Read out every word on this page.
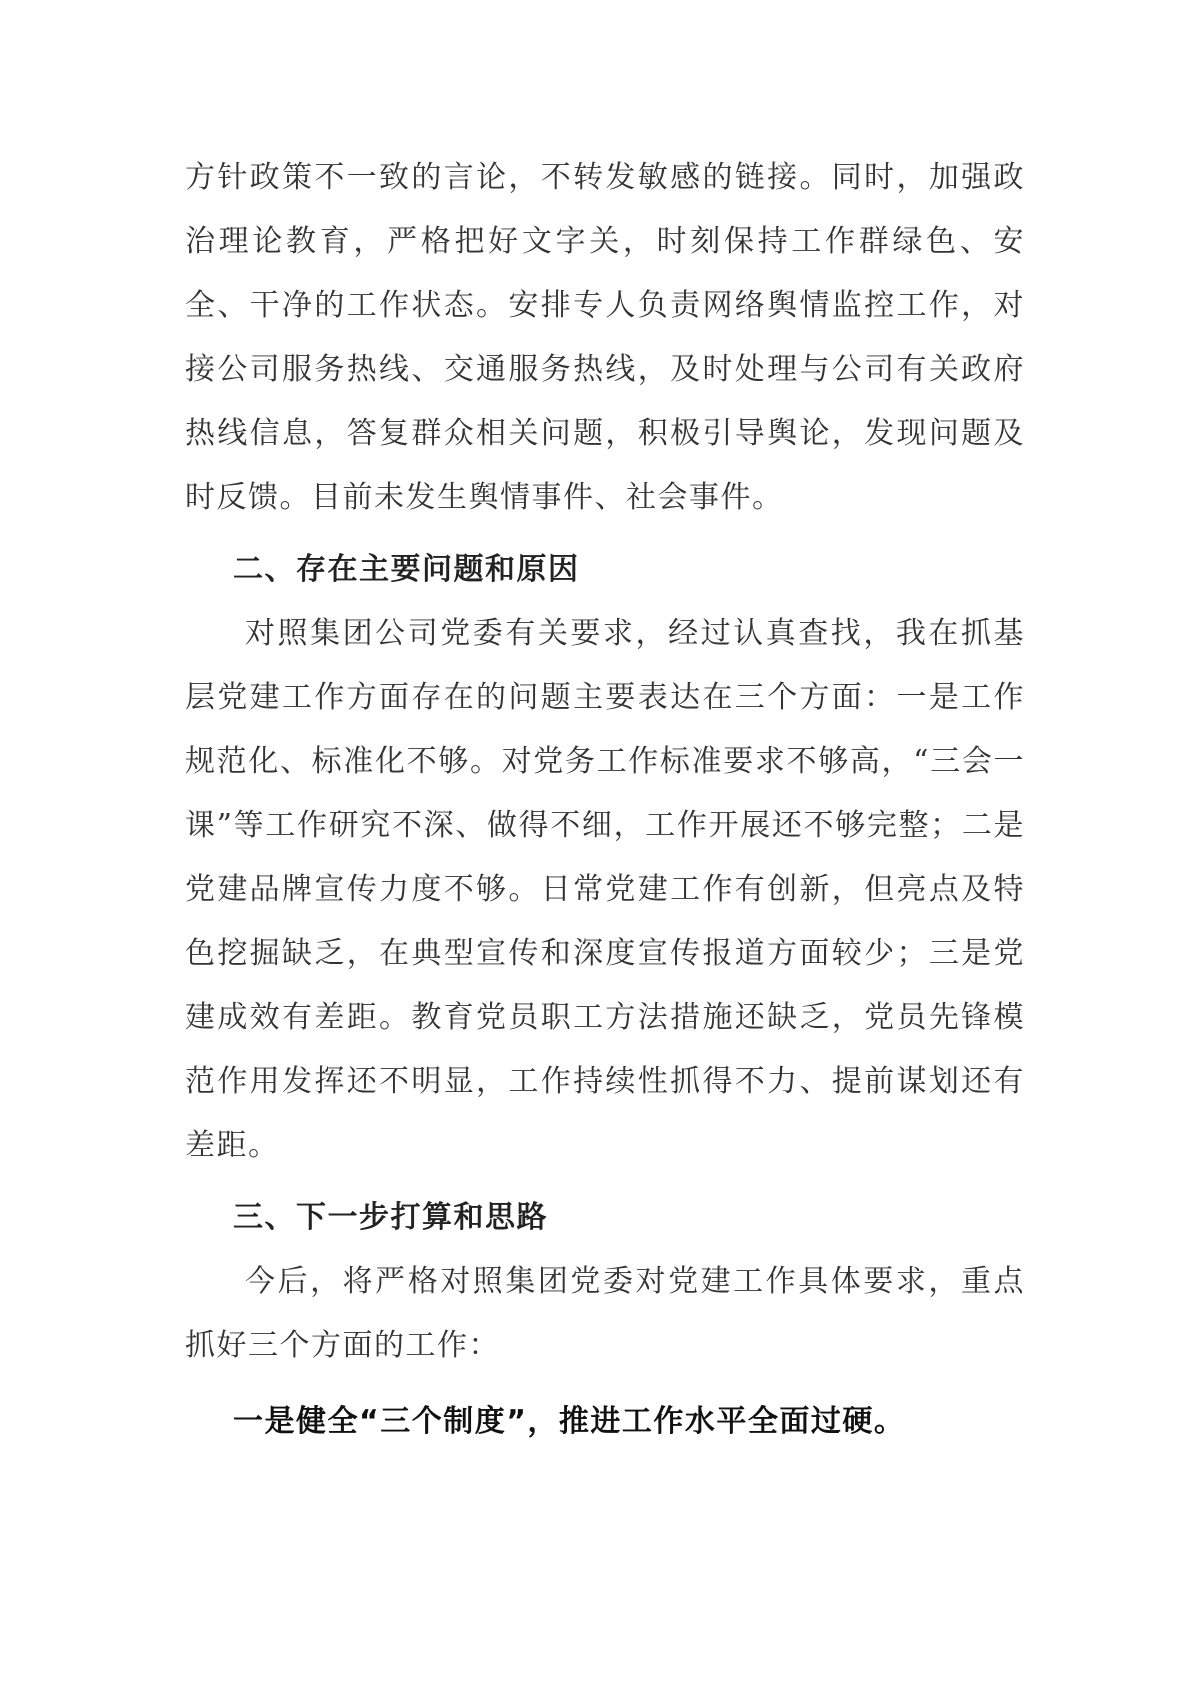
方针政策不一致的言论，不转发敏感的链接。同时，加强政治理论教育，严格把好文字关，时刻保持工作群绿色、安全、干净的工作状态。安排专人负责网络舆情监控工作，对接公司服务热线、交通服务热线，及时处理与公司有关政府热线信息，答复群众相关问题，积极引导舆论，发现问题及时反馈。目前未发生舆情事件、社会事件。

二、存在主要问题和原因

对照集团公司党委有关要求，经过认真查找，我在抓基层党建工作方面存在的问题主要表达在三个方面：一是工作规范化、标准化不够。对党务工作标准要求不够高，“三会一课”等工作研究不深、做得不细，工作开展还不够完整；二是党建品牌宣传力度不够。日常党建工作有创新，但亮点及特色挖掘缺乏，在典型宣传和深度宣传报道方面较少；三是党建成效有差距。教育党员职工方法措施还缺乏，党员先锋模范作用发挥还不明显，工作持续性抓得不力、提前谋划还有差距。

三、下一步打算和思路

今后，将严格对照集团党委对党建工作具体要求，重点抓好三个方面的工作：

一是健全“三个制度”，推进工作水平全面过硬。
